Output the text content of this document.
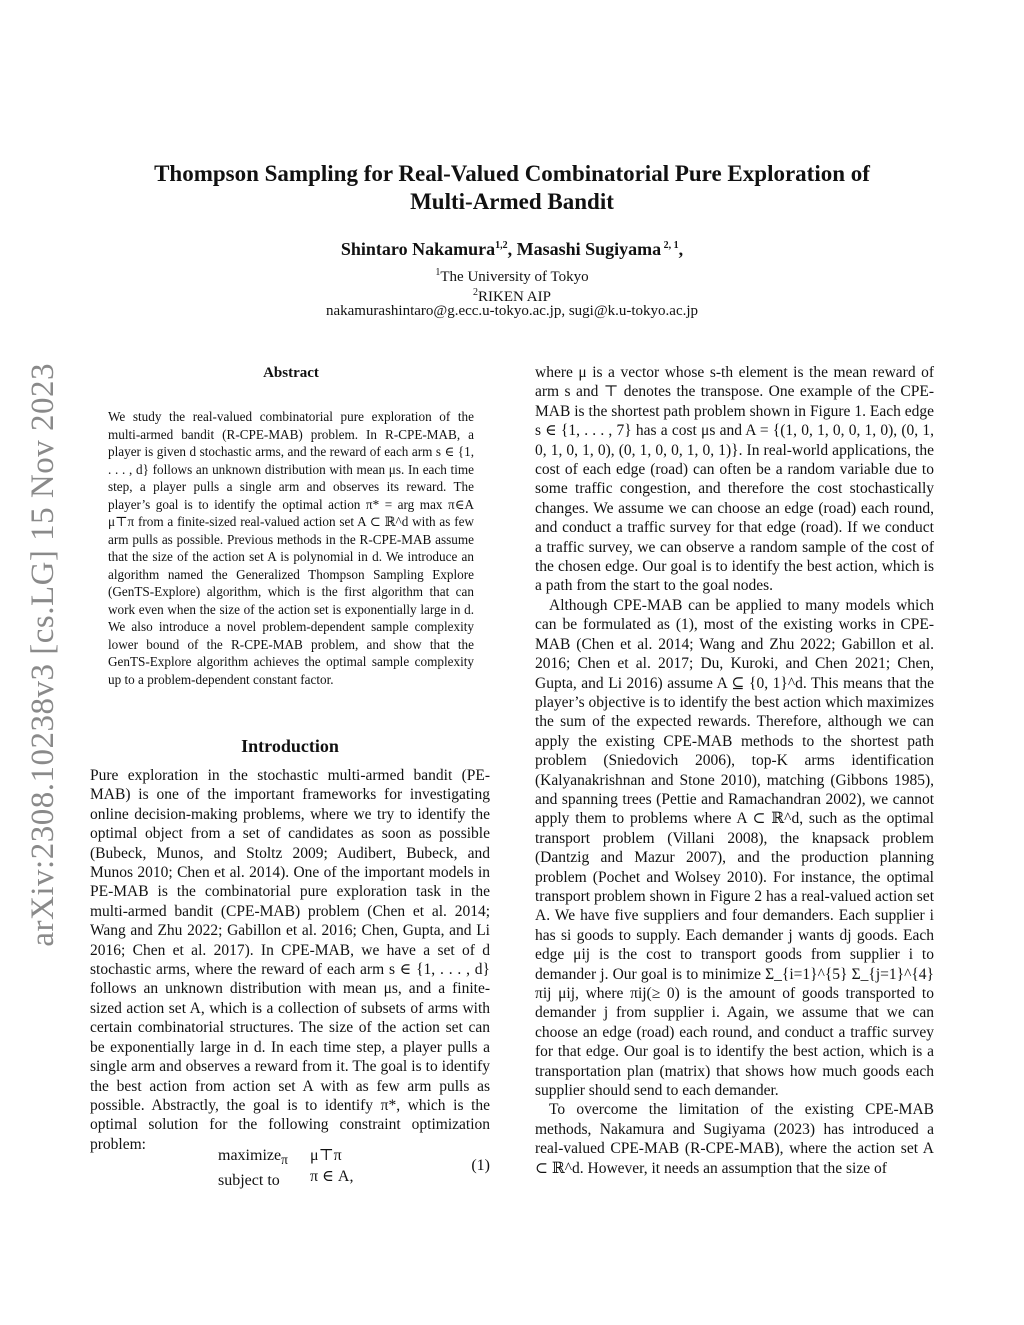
arXiv:2308.10238v3 [cs.LG] 15 Nov 2023
Thompson Sampling for Real-Valued Combinatorial Pure Exploration of
Multi-Armed Bandit
Shintaro Nakamura$^{1,2}$, Masashi Sugiyama $^{2, 1}$,
$^1$The University of Tokyo
$^2$RIKEN AIP
nakamurashintaro@g.ecc.u-tokyo.ac.jp, sugi@k.u-tokyo.ac.jp
Abstract

We study the real-valued combinatorial pure exploration of the multi-armed bandit (R-CPE-MAB) problem. In R-CPE-MAB, a player is given d stochastic arms, and the reward of each arm s ∈ {1, . . . , d} follows an unknown distribution with mean μs. In each time step, a player pulls a single arm and observes its reward. The player’s goal is to identify the optimal action π* = arg max π∈A μ⊤π from a finite-sized real-valued action set A ⊂ ℝ^d with as few arm pulls as possible. Previous methods in the R-CPE-MAB assume that the size of the action set A is polynomial in d. We introduce an algorithm named the Generalized Thompson Sampling Explore (GenTS-Explore) algorithm, which is the first algorithm that can work even when the size of the action set is exponentially large in d. We also introduce a novel problem-dependent sample complexity lower bound of the R-CPE-MAB problem, and show that the GenTS-Explore algorithm achieves the optimal sample complexity up to a problem-dependent constant factor.

Introduction

Pure exploration in the stochastic multi-armed bandit (PE-MAB) is one of the important frameworks for investigating online decision-making problems, where we try to identify the optimal object from a set of candidates as soon as possible (Bubeck, Munos, and Stoltz 2009; Audibert, Bubeck, and Munos 2010; Chen et al. 2014). One of the important models in PE-MAB is the combinatorial pure exploration task in the multi-armed bandit (CPE-MAB) problem (Chen et al. 2014; Wang and Zhu 2022; Gabillon et al. 2016; Chen, Gupta, and Li 2016; Chen et al. 2017). In CPE-MAB, we have a set of d stochastic arms, where the reward of each arm s ∈ {1, . . . , d} follows an unknown distribution with mean μs, and a finite-sized action set A, which is a collection of subsets of arms with certain combinatorial structures. The size of the action set can be exponentially large in d. In each time step, a player pulls a single arm and observes a reward from it. The goal is to identify the best action from action set A with as few arm pulls as possible. Abstractly, the goal is to identify π*, which is the optimal solution for the following constraint optimization problem:

maximize$_\pi$
subject to
μ⊤π
π ∈ A,
(1)

where μ is a vector whose s-th element is the mean reward of arm s and ⊤ denotes the transpose. One example of the CPE-MAB is the shortest path problem shown in Figure 1. Each edge s ∈ {1, . . . , 7} has a cost μs and A = {(1, 0, 1, 0, 0, 1, 0), (0, 1, 0, 1, 0, 1, 0), (0, 1, 0, 0, 1, 0, 1)}. In real-world applications, the cost of each edge (road) can often be a random variable due to some traffic congestion, and therefore the cost stochastically changes. We assume we can choose an edge (road) each round, and conduct a traffic survey for that edge (road). If we conduct a traffic survey, we can observe a random sample of the cost of the chosen edge. Our goal is to identify the best action, which is a path from the start to the goal nodes.

Although CPE-MAB can be applied to many models which can be formulated as (1), most of the existing works in CPE-MAB (Chen et al. 2014; Wang and Zhu 2022; Gabillon et al. 2016; Chen et al. 2017; Du, Kuroki, and Chen 2021; Chen, Gupta, and Li 2016) assume A ⊆ {0, 1}^d. This means that the player’s objective is to identify the best action which maximizes the sum of the expected rewards. Therefore, although we can apply the existing CPE-MAB methods to the shortest path problem (Sniedovich 2006), top-K arms identification (Kalyanakrishnan and Stone 2010), matching (Gibbons 1985), and spanning trees (Pettie and Ramachandran 2002), we cannot apply them to problems where A ⊂ ℝ^d, such as the optimal transport problem (Villani 2008), the knapsack problem (Dantzig and Mazur 2007), and the production planning problem (Pochet and Wolsey 2010). For instance, the optimal transport problem shown in Figure 2 has a real-valued action set A. We have five suppliers and four demanders. Each supplier i has si goods to supply. Each demander j wants dj goods. Each edge μij is the cost to transport goods from supplier i to demander j. Our goal is to minimize Σ_{i=1}^{5} Σ_{j=1}^{4} πij μij, where πij(≥ 0) is the amount of goods transported to demander j from supplier i. Again, we assume that we can choose an edge (road) each round, and conduct a traffic survey for that edge. Our goal is to identify the best action, which is a transportation plan (matrix) that shows how much goods each supplier should send to each demander.

To overcome the limitation of the existing CPE-MAB methods, Nakamura and Sugiyama (2023) has introduced a real-valued CPE-MAB (R-CPE-MAB), where the action set A ⊂ ℝ^d. However, it needs an assumption that the size of
